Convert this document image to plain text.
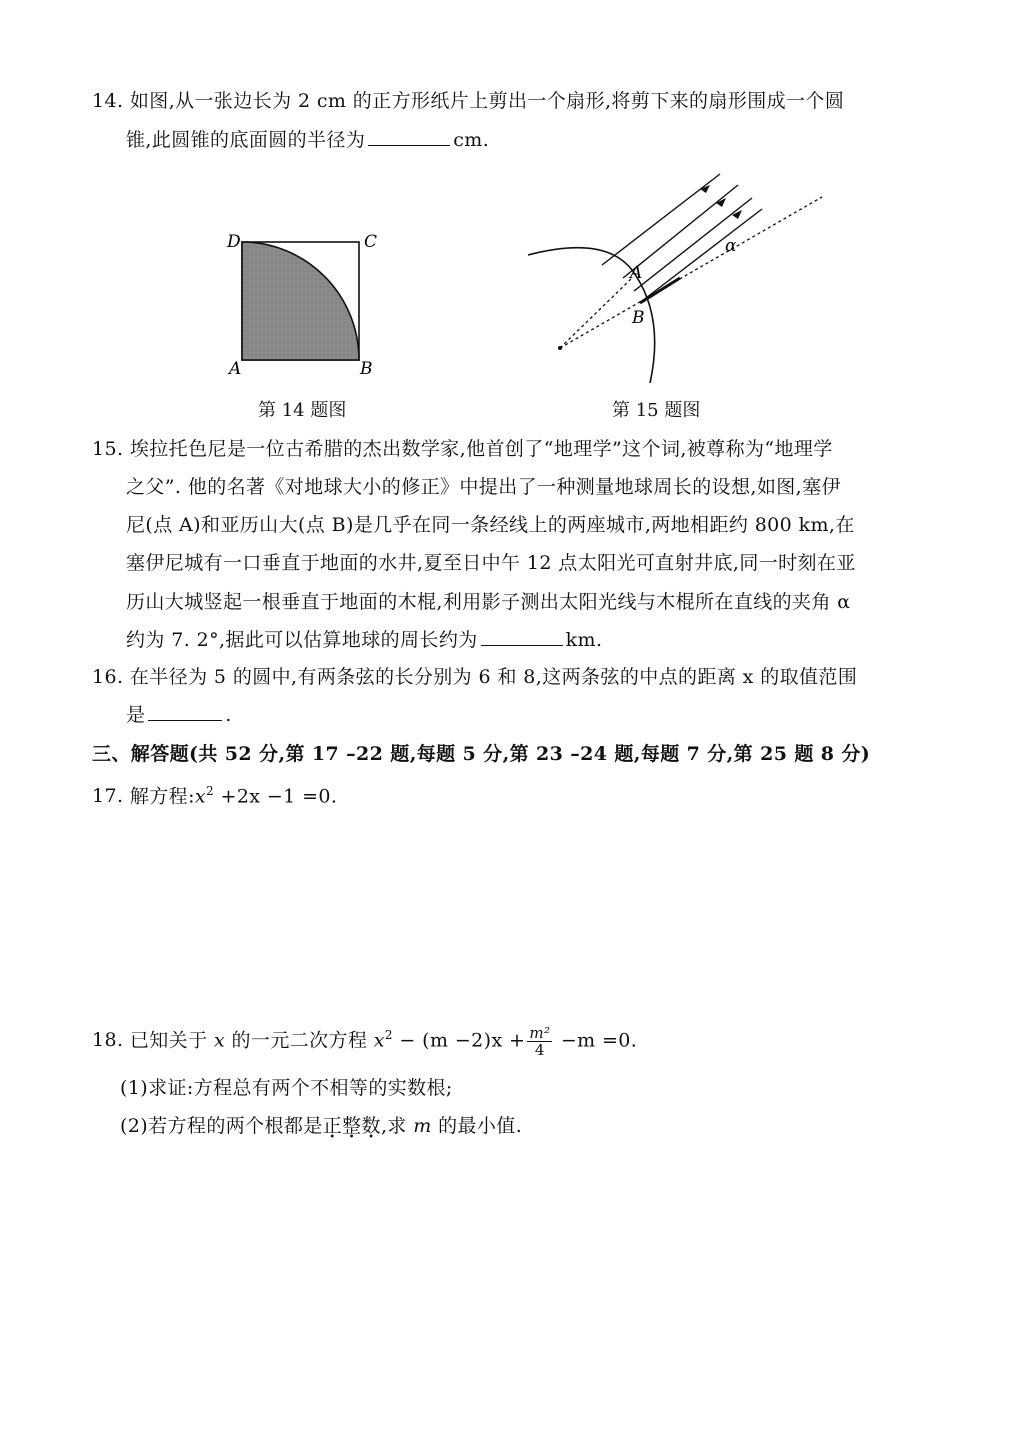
14. 如图,从一张边长为 2 cm 的正方形纸片上剪出一个扇形,将剪下来的扇形围成一个圆
锥,此圆锥的底面圆的半径为	cm.
D	C
A	B
第 14 题图
A
B
α
第 15 题图
15. 埃拉托色尼是一位古希腊的杰出数学家,他首创了“地理学”这个词,被尊称为“地理学
之父”. 他的名著《对地球大小的修正》中提出了一种测量地球周长的设想,如图,塞伊
尼(点 A)和亚历山大(点 B)是几乎在同一条经线上的两座城市,两地相距约 800 km,在
塞伊尼城有一口垂直于地面的水井,夏至日中午 12 点太阳光可直射井底,同一时刻在亚
历山大城竖起一根垂直于地面的木棍,利用影子测出太阳光线与木棍所在直线的夹角 α
约为 7. 2°,据此可以估算地球的周长约为	km.
16. 在半径为 5 的圆中,有两条弦的长分别为 6 和 8,这两条弦的中点的距离 x 的取值范围
是	.
三、解答题(共 52 分,第 17 –22 题,每题 5 分,第 23 –24 题,每题 7 分,第 25 题 8 分)
17. 解方程$:x^2 +2x -1 =0$.
18. 已知关于 x 的一元二次方程 $x^2 - (m -2)x + \frac{\text{m²}}{4} -m =0$.
(1)求证:方程总有两个不相等的实数根;
(2)若方程的两个根都是正整数,求 m 的最小值.
